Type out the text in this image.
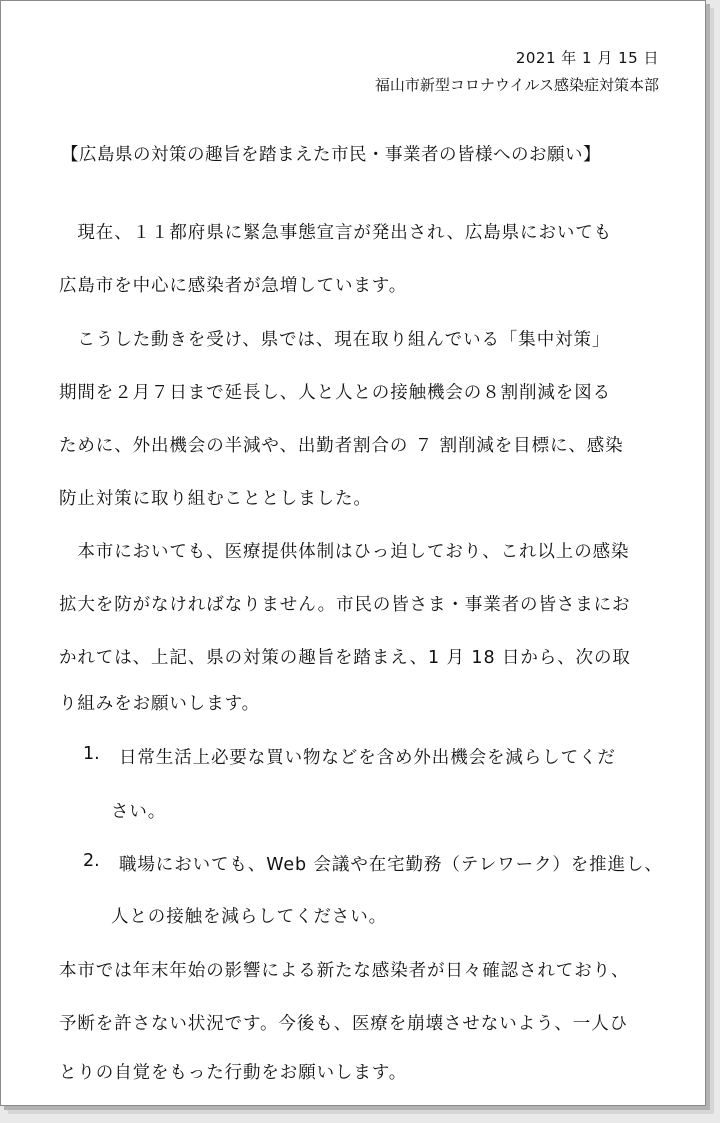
2021 年 1 月 15 日
福山市新型コロナウイルス感染症対策本部
【広島県の対策の趣旨を踏まえた市民・事業者の皆様へのお願い】
　現在、１１都府県に緊急事態宣言が発出され、広島県においても
広島市を中心に感染者が急増しています。
　こうした動きを受け、県では、現在取り組んでいる「集中対策」
期間を２月７日まで延長し、人と人との接触機会の８割削減を図る
ために、外出機会の半減や、出勤者割合の ７ 割削減を目標に、感染
防止対策に取り組むこととしました。
　本市においても、医療提供体制はひっ迫しており、これ以上の感染
拡大を防がなければなりません。市民の皆さま・事業者の皆さまにお
かれては、上記、県の対策の趣旨を踏まえ、1 月 18 日から、次の取
り組みをお願いします。
1. 日常生活上必要な買い物などを含め外出機会を減らしてくだ
さい。
2. 職場においても、Web 会議や在宅勤務（テレワーク）を推進し、
人との接触を減らしてください。
本市では年末年始の影響による新たな感染者が日々確認されており、
予断を許さない状況です。今後も、医療を崩壊させないよう、一人ひ
とりの自覚をもった行動をお願いします。
